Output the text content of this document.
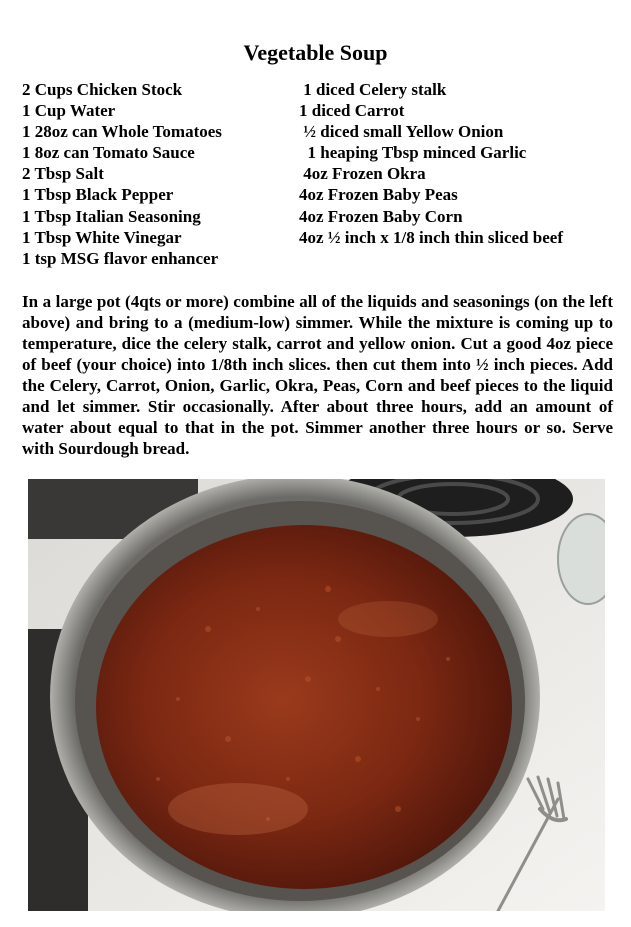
Vegetable Soup
2 Cups Chicken Stock
1 Cup Water
1 28oz can Whole Tomatoes
1 8oz can Tomato Sauce
2 Tbsp Salt
1 Tbsp Black Pepper
1 Tbsp Italian Seasoning
1 Tbsp White Vinegar
1 tsp MSG flavor enhancer
1 diced Celery stalk
1 diced Carrot
½ diced small Yellow Onion
1 heaping Tbsp minced Garlic
4oz Frozen Okra
4oz Frozen Baby Peas
4oz Frozen Baby Corn
4oz ½ inch x 1/8 inch thin sliced beef

In a large pot (4qts or more) combine all of the liquids and seasonings (on the left above) and bring to a (medium-low) simmer. While the mixture is coming up to temperature, dice the celery stalk, carrot and yellow onion. Cut a good 4oz piece of beef (your choice) into 1/8th inch slices. then cut them into ½ inch pieces. Add the Celery, Carrot, Onion, Garlic, Okra, Peas, Corn and beef pieces to the liquid and let simmer. Stir occasionally. After about three hours, add an amount of water about equal to that in the pot. Simmer another three hours or so. Serve with Sourdough bread.
